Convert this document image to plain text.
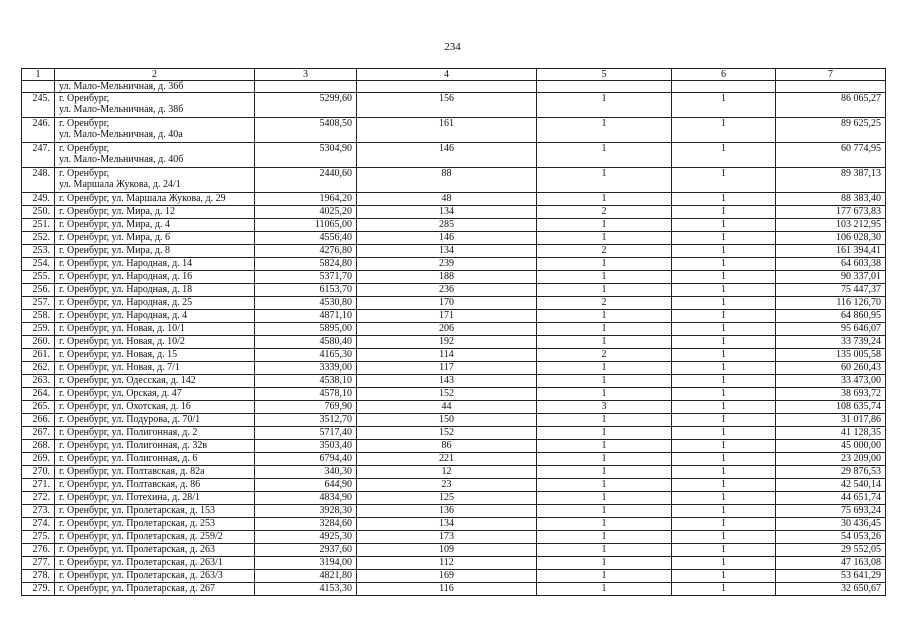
234
1	2	3	4	5	6	7
	ул. Мало-Мельничная, д. 36б					
245.	г. Оренбург,
ул. Мало-Мельничная, д. 38б	5299,60	156	1	1	86 065,27
246.	г. Оренбург,
ул. Мало-Мельничная, д. 40а	5408,50	161	1	1	89 625,25
247.	г. Оренбург,
ул. Мало-Мельничная, д. 40б	5304,90	146	1	1	60 774,95
248.	г. Оренбург,
ул. Маршала Жукова, д. 24/1	2440,60	88	1	1	89 387,13
249.	г. Оренбург, ул. Маршала Жукова, д. 29	1964,20	48	1	1	88 383,40
250.	г. Оренбург, ул. Мира, д. 12	4025,20	134	2	1	177 673,83
251.	г. Оренбург, ул. Мира, д. 4	11065,00	285	1	1	103 212,95
252.	г. Оренбург, ул. Мира, д. 6	4556,40	146	1	1	106 028,30
253.	г. Оренбург, ул. Мира, д. 8	4276,80	134	2	1	161 394,41
254.	г. Оренбург, ул. Народная, д. 14	5824,80	239	1	1	64 603,38
255.	г. Оренбург, ул. Народная, д. 16	5371,70	188	1	1	90 337,01
256.	г. Оренбург, ул. Народная, д. 18	6153,70	236	1	1	75 447,37
257.	г. Оренбург, ул. Народная, д. 25	4530,80	170	2	1	116 126,70
258.	г. Оренбург, ул. Народная, д. 4	4871,10	171	1	1	64 860,95
259.	г. Оренбург, ул. Новая, д. 10/1	5895,00	206	1	1	95 646,07
260.	г. Оренбург, ул. Новая, д. 10/2	4580,40	192	1	1	33 739,24
261.	г. Оренбург, ул. Новая, д. 15	4165,30	114	2	1	135 005,58
262.	г. Оренбург, ул. Новая, д. 7/1	3339,00	117	1	1	60 260,43
263.	г. Оренбург, ул. Одесская, д. 142	4538,10	143	1	1	33 473,00
264.	г. Оренбург, ул. Орская, д. 47	4578,10	152	1	1	38 693,72
265.	г. Оренбург, ул. Охотская, д. 16	769,90	44	3	1	108 635,74
266.	г. Оренбург, ул. Подурова, д. 70/1	3512,70	150	1	1	31 017,86
267.	г. Оренбург, ул. Полигонная, д. 2	5717,40	152	1	1	41 128,35
268.	г. Оренбург, ул. Полигонная, д. 32в	3503,40	86	1	1	45 000,00
269.	г. Оренбург, ул. Полигонная, д. 6	6794,40	221	1	1	23 209,00
270.	г. Оренбург, ул. Полтавская, д. 82а	340,30	12	1	1	29 876,53
271.	г. Оренбург, ул. Полтавская, д. 86	644,90	23	1	1	42 540,14
272.	г. Оренбург, ул. Потехина, д. 28/1	4834,90	125	1	1	44 651,74
273.	г. Оренбург, ул. Пролетарская, д. 153	3928,30	136	1	1	75 693,24
274.	г. Оренбург, ул. Пролетарская, д. 253	3284,60	134	1	1	30 436,45
275.	г. Оренбург, ул. Пролетарская, д. 259/2	4925,30	173	1	1	54 053,26
276.	г. Оренбург, ул. Пролетарская, д. 263	2937,60	109	1	1	29 552,05
277.	г. Оренбург, ул. Пролетарская, д. 263/1	3194,00	112	1	1	47 163,08
278.	г. Оренбург, ул. Пролетарская, д. 263/3	4821,80	169	1	1	53 641,29
279.	г. Оренбург, ул. Пролетарская, д. 267	4153,30	116	1	1	32 650,67
